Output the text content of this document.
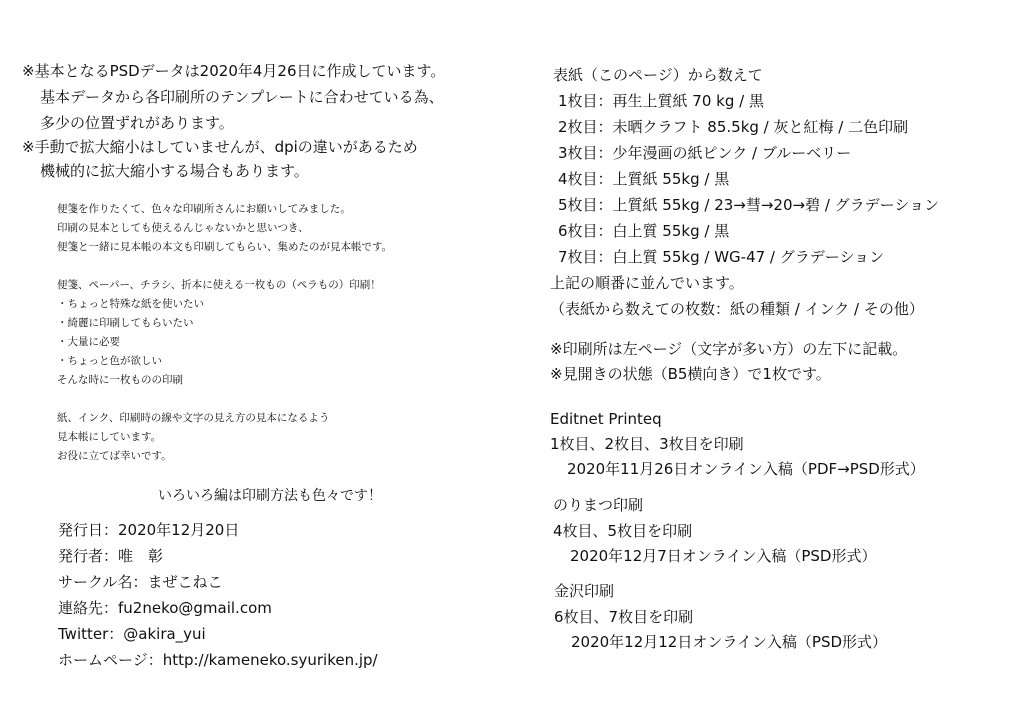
※基本となるPSDデータは2020年4月26日に作成しています。
基本データから各印刷所のテンプレートに合わせている為、
多少の位置ずれがあります。
※手動で拡大縮小はしていませんが、dpiの違いがあるため
機械的に拡大縮小する場合もあります。
便箋を作りたくて、色々な印刷所さんにお願いしてみました。
印刷の見本としても使えるんじゃないかと思いつき、
便箋と一緒に見本帳の本文も印刷してもらい、集めたのが見本帳です。
便箋、ペーパー、チラシ、折本に使える一枚もの（ペラもの）印刷！
・ちょっと特殊な紙を使いたい
・綺麗に印刷してもらいたい
・大量に必要
・ちょっと色が欲しい
そんな時に一枚ものの印刷
紙、インク、印刷時の線や文字の見え方の見本になるよう
見本帳にしています。
お役に立てば幸いです。
いろいろ編は印刷方法も色々です！
発行日：2020年12月20日
発行者：唯　彰
サークル名：まぜこねこ
連絡先：fu2neko@gmail.com
Twitter：@akira_yui
ホームページ：http://kameneko.syuriken.jp/
表紙（このページ）から数えて
1枚目：再生上質紙 70 kg / 黒
2枚目：未晒クラフト 85.5kg / 灰と紅梅 / 二色印刷
3枚目：少年漫画の紙ピンク / ブルーベリー
4枚目：上質紙 55kg / 黒
5枚目：上質紙 55kg / 23→彗→20→碧 / グラデーション
6枚目：白上質 55kg / 黒
7枚目：白上質 55kg / WG-47 / グラデーション
上記の順番に並んでいます。
（表紙から数えての枚数：紙の種類 / インク / その他）
※印刷所は左ページ（文字が多い方）の左下に記載。
※見開きの状態（B5横向き）で1枚です。
Editnet Printeq
1枚目、2枚目、3枚目を印刷
2020年11月26日オンライン入稿（PDF→PSD形式）
のりまつ印刷
4枚目、5枚目を印刷
2020年12月7日オンライン入稿（PSD形式）
金沢印刷
6枚目、7枚目を印刷
2020年12月12日オンライン入稿（PSD形式）
